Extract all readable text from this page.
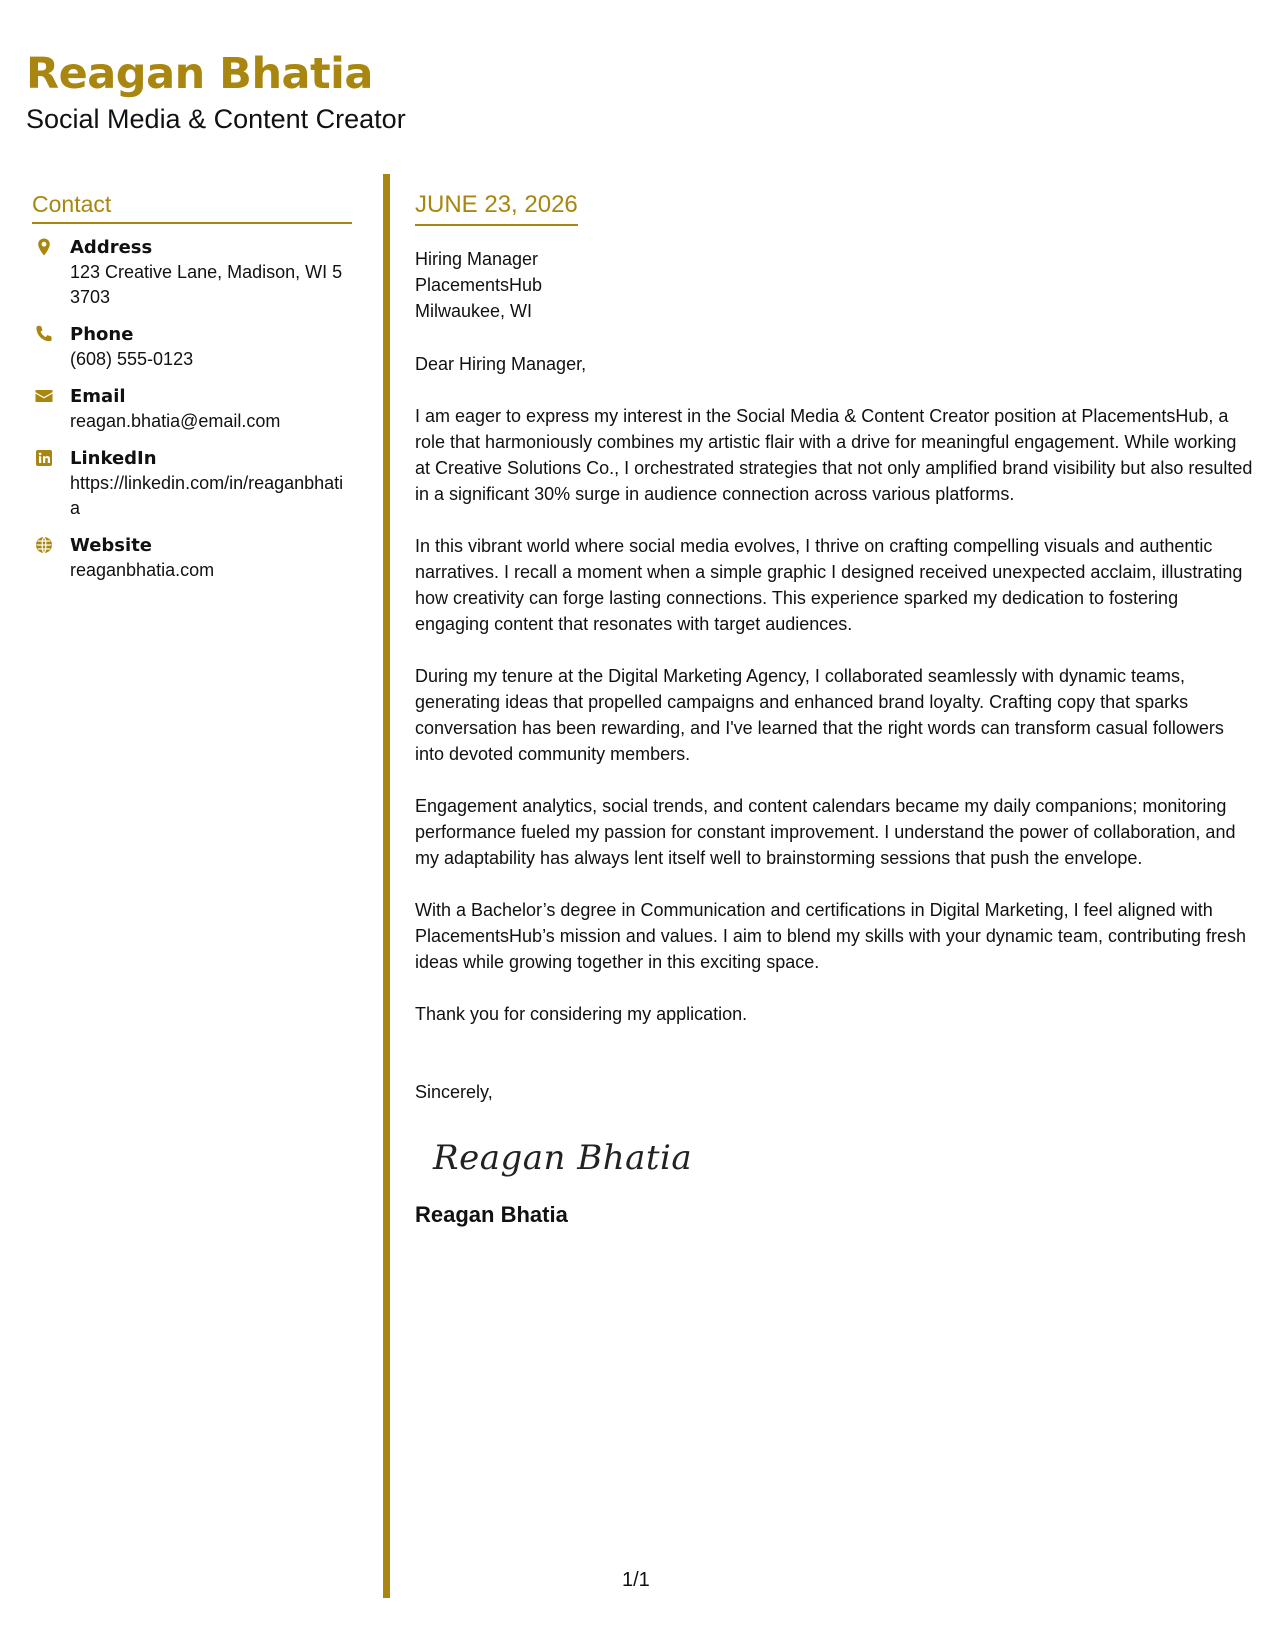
Reagan Bhatia
Social Media & Content Creator
Contact
Address
123 Creative Lane, Madison, WI 53703
Phone
(608) 555-0123
Email
reagan.bhatia@email.com
LinkedIn
https://linkedin.com/in/reaganbhatia
Website
reaganbhatia.com
JUNE 23, 2026
Hiring Manager
PlacementsHub
Milwaukee, WI
Dear Hiring Manager,
I am eager to express my interest in the Social Media & Content Creator position at PlacementsHub, a role that harmoniously combines my artistic flair with a drive for meaningful engagement. While working at Creative Solutions Co., I orchestrated strategies that not only amplified brand visibility but also resulted in a significant 30% surge in audience connection across various platforms.
In this vibrant world where social media evolves, I thrive on crafting compelling visuals and authentic narratives. I recall a moment when a simple graphic I designed received unexpected acclaim, illustrating how creativity can forge lasting connections. This experience sparked my dedication to fostering engaging content that resonates with target audiences.
During my tenure at the Digital Marketing Agency, I collaborated seamlessly with dynamic teams, generating ideas that propelled campaigns and enhanced brand loyalty. Crafting copy that sparks conversation has been rewarding, and I've learned that the right words can transform casual followers into devoted community members.
Engagement analytics, social trends, and content calendars became my daily companions; monitoring performance fueled my passion for constant improvement. I understand the power of collaboration, and my adaptability has always lent itself well to brainstorming sessions that push the envelope.
With a Bachelor’s degree in Communication and certifications in Digital Marketing, I feel aligned with PlacementsHub’s mission and values. I aim to blend my skills with your dynamic team, contributing fresh ideas while growing together in this exciting space.
Thank you for considering my application.
Sincerely,
Reagan Bhatia
Reagan Bhatia
1/1
